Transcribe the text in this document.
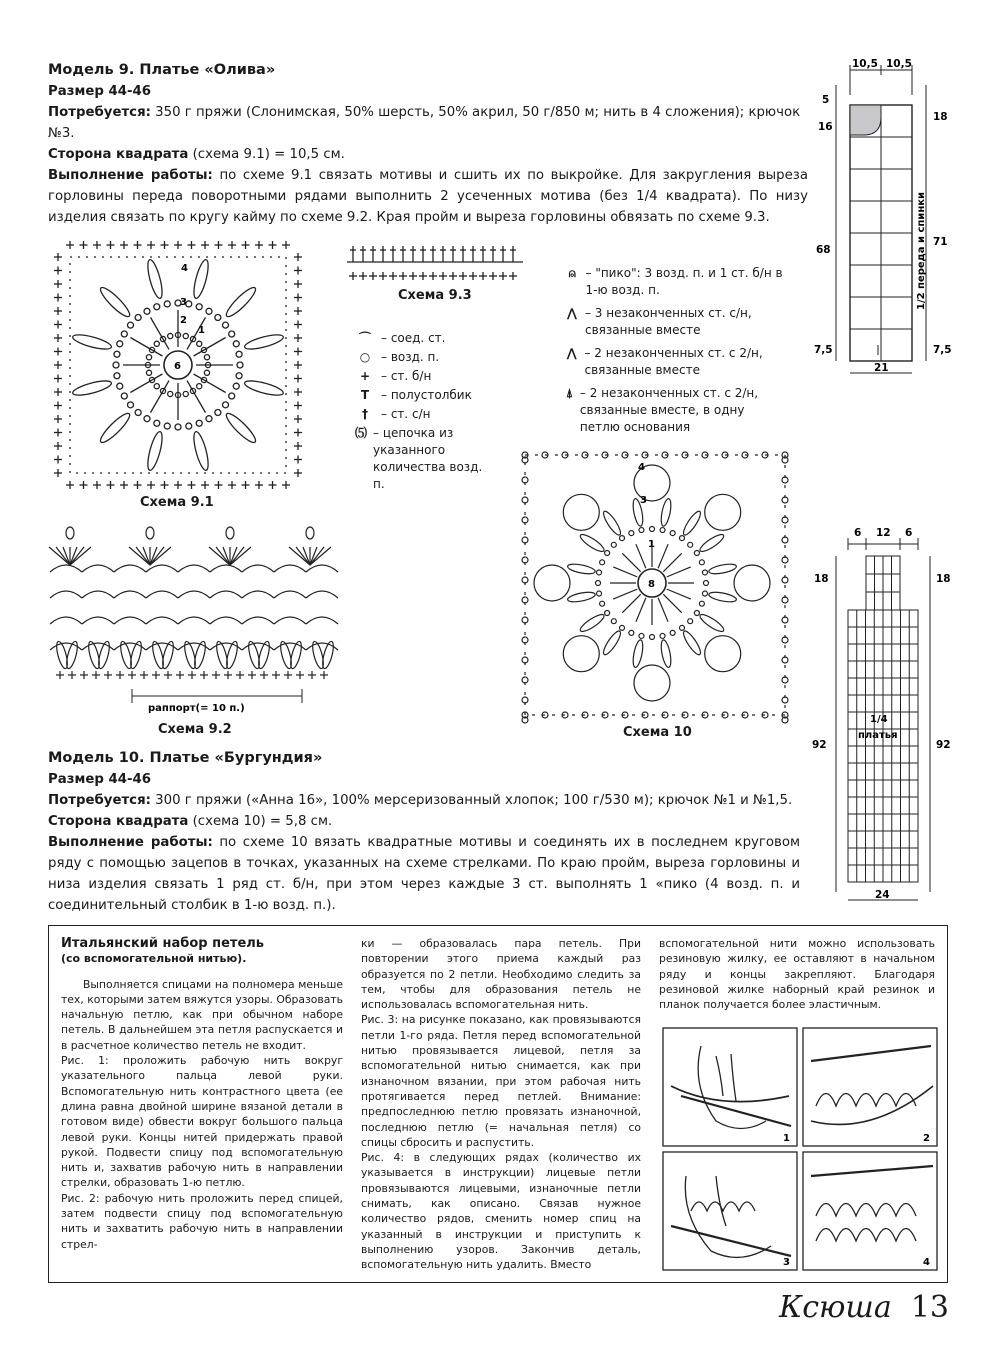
Модель 9. Платье «Олива»

Размер 44-46

Потребуется: 350 г пряжи (Слонимская, 50% шерсть, 50% акрил, 50 г/850 м; нить в 4 сложения); крючок №3.

Сторона квадрата (схема 9.1) = 10,5 см.

Выполнение работы: по схеме 9.1 связать мотивы и сшить их по выкройке. Для закругления выреза горловины переда поворотными рядами выполнить 2 усеченных мотива (без 1/4 квадрата). По низу изделия связать по кругу кайму по схеме 9.2. Края пройм и выреза горловины обвязать по схеме 9.3.

6
4
3
2
1
Схема 9.1
Схема 9.3
⌒ – соед. ст.
○ – возд. п.
+ – ст. б/н
T – полустолбик
†	– ст. с/н
⑸ – цепочка из указанного количества возд. п.
⍝ – "пико": 3 возд. п. и 1 ст. б/н в 1-ю возд. п.
⋀ – 3 незаконченных ст. с/н, связанные вместе
⋀ – 2 незаконченных ст. с 2/н, связанные вместе
⍋ – 2 незаконченных ст. с 2/н, связанные вместе, в одну петлю основания
10,5 10,5
5
16
68
7,5
18
71
7,5
21
1/2 переда и спинки
раппорт(= 10 п.)
Схема 9.2
8
4
3
1
Схема 10
6 12 6
18
92
18
92
24
1/4
платья

Модель 10. Платье «Бургундия»

Размер 44-46

Потребуется: 300 г пряжи («Анна 16», 100% мерсеризованный хлопок; 100 г/530 м); крючок №1 и №1,5.

Сторона квадрата (схема 10) = 5,8 см.

Выполнение работы: по схеме 10 вязать квадратные мотивы и соединять их в последнем круговом ряду с помощью зацепов в точках, указанных на схеме стрелками. По краю пройм, выреза горловины и низа изделия связать 1 ряд ст. б/н, при этом через каждые 3 ст. выполнять 1 «пико (4 возд. п. и соединительный столбик в 1-ю возд. п.).

Итальянский набор петель

(со вспомогательной нитью).

Выполняется спицами на полномера меньше тех, которыми затем вяжутся узоры. Образовать начальную петлю, как при обычном наборе петель. В дальнейшем эта петля распускается и в расчетное количество петель не входит.

Рис. 1: проложить рабочую нить вокруг указательного пальца левой руки. Вспомогательную нить контрастного цвета (ее длина равна двойной ширине вязаной детали в готовом виде) обвести вокруг большого пальца левой руки. Концы нитей придержать правой рукой. Подвести спицу под вспомогательную нить и, захватив рабочую нить в направлении стрелки, образовать 1-ю петлю.

Рис. 2: рабочую нить проложить перед спицей, затем подвести спицу под вспомогательную нить и захватить рабочую нить в направлении стрел-

ки — образовалась пара петель. При повторении этого приема каждый раз образуется по 2 петли. Необходимо следить за тем, чтобы для образования петель не использовалась вспомогательная нить.

Рис. 3: на рисунке показано, как провязываются петли 1-го ряда. Петля перед вспомогательной нитью провязывается лицевой, петля за вспомогательной нитью снимается, как при изнаночном вязании, при этом рабочая нить протягивается перед петлей. Внимание: предпоследнюю петлю провязать изнаночной, последнюю петлю (= начальная петля) со спицы сбросить и распустить.

Рис. 4: в следующих рядах (количество их указывается в инструкции) лицевые петли провязываются лицевыми, изнаночные петли снимать, как описано. Связав нужное количество рядов, сменить номер спиц на указанный в инструкции и приступить к выполнению узоров. Закончив деталь, вспомогательную нить удалить. Вместо

вспомогательной нити можно использовать резиновую жилку, ее оставляют в начальном ряду и концы закрепляют. Благодаря резиновой жилке наборный край резинок и планок получается более эластичным.

1	2
3	4
Ксюша 13
